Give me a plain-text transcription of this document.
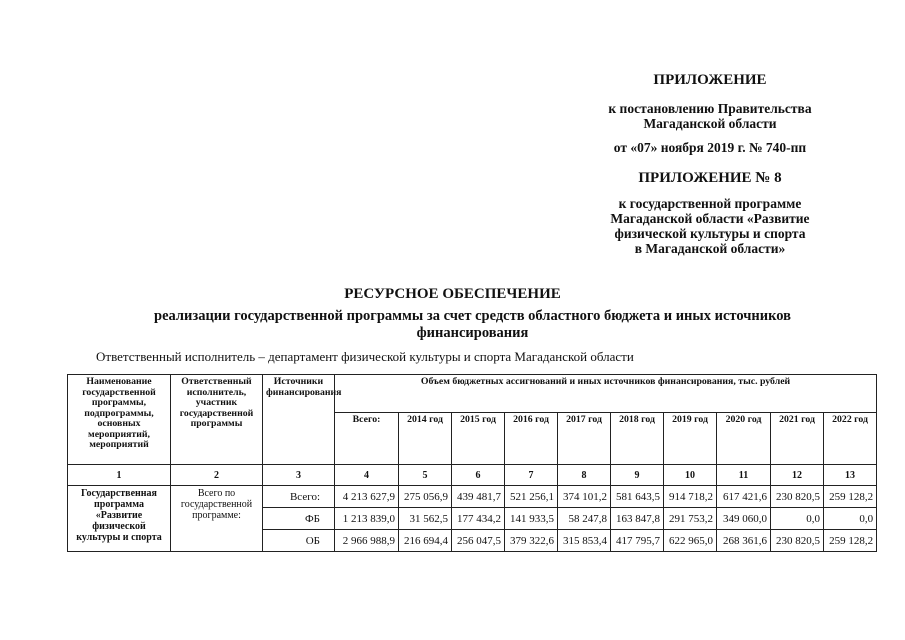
ПРИЛОЖЕНИЕ
к постановлению Правительства
Магаданской области
от «07» ноября 2019 г. № 740-пп
ПРИЛОЖЕНИЕ № 8
к государственной программе
Магаданской области «Развитие
физической культуры и спорта
в Магаданской области»
РЕСУРСНОЕ ОБЕСПЕЧЕНИЕ
реализации государственной программы за счет средств областного бюджета и иных источников финансирования
Ответственный исполнитель – департамент физической культуры и спорта Магаданской области
Наименование государственной программы, подпрограммы, основных мероприятий, мероприятий	Ответственный исполнитель, участник государственной программы	Источники финансирования	Объем бюджетных ассигнований и иных источников финансирования, тыс. рублей									
			Всего:	2014 год	2015 год	2016 год	2017 год	2018 год	2019 год	2020 год	2021 год	2022 год
1	2	3	4	5	6	7	8	9	10	11	12	13
Государственная программа «Развитие физической культуры и спорта	Всего по государственной программе:	Всего:	4 213 627,9	275 056,9	439 481,7	521 256,1	374 101,2	581 643,5	914 718,2	617 421,6	230 820,5	259 128,2
		ФБ	1 213 839,0	31 562,5	177 434,2	141 933,5	58 247,8	163 847,8	291 753,2	349 060,0	0,0	0,0
		ОБ	2 966 988,9	216 694,4	256 047,5	379 322,6	315 853,4	417 795,7	622 965,0	268 361,6	230 820,5	259 128,2
